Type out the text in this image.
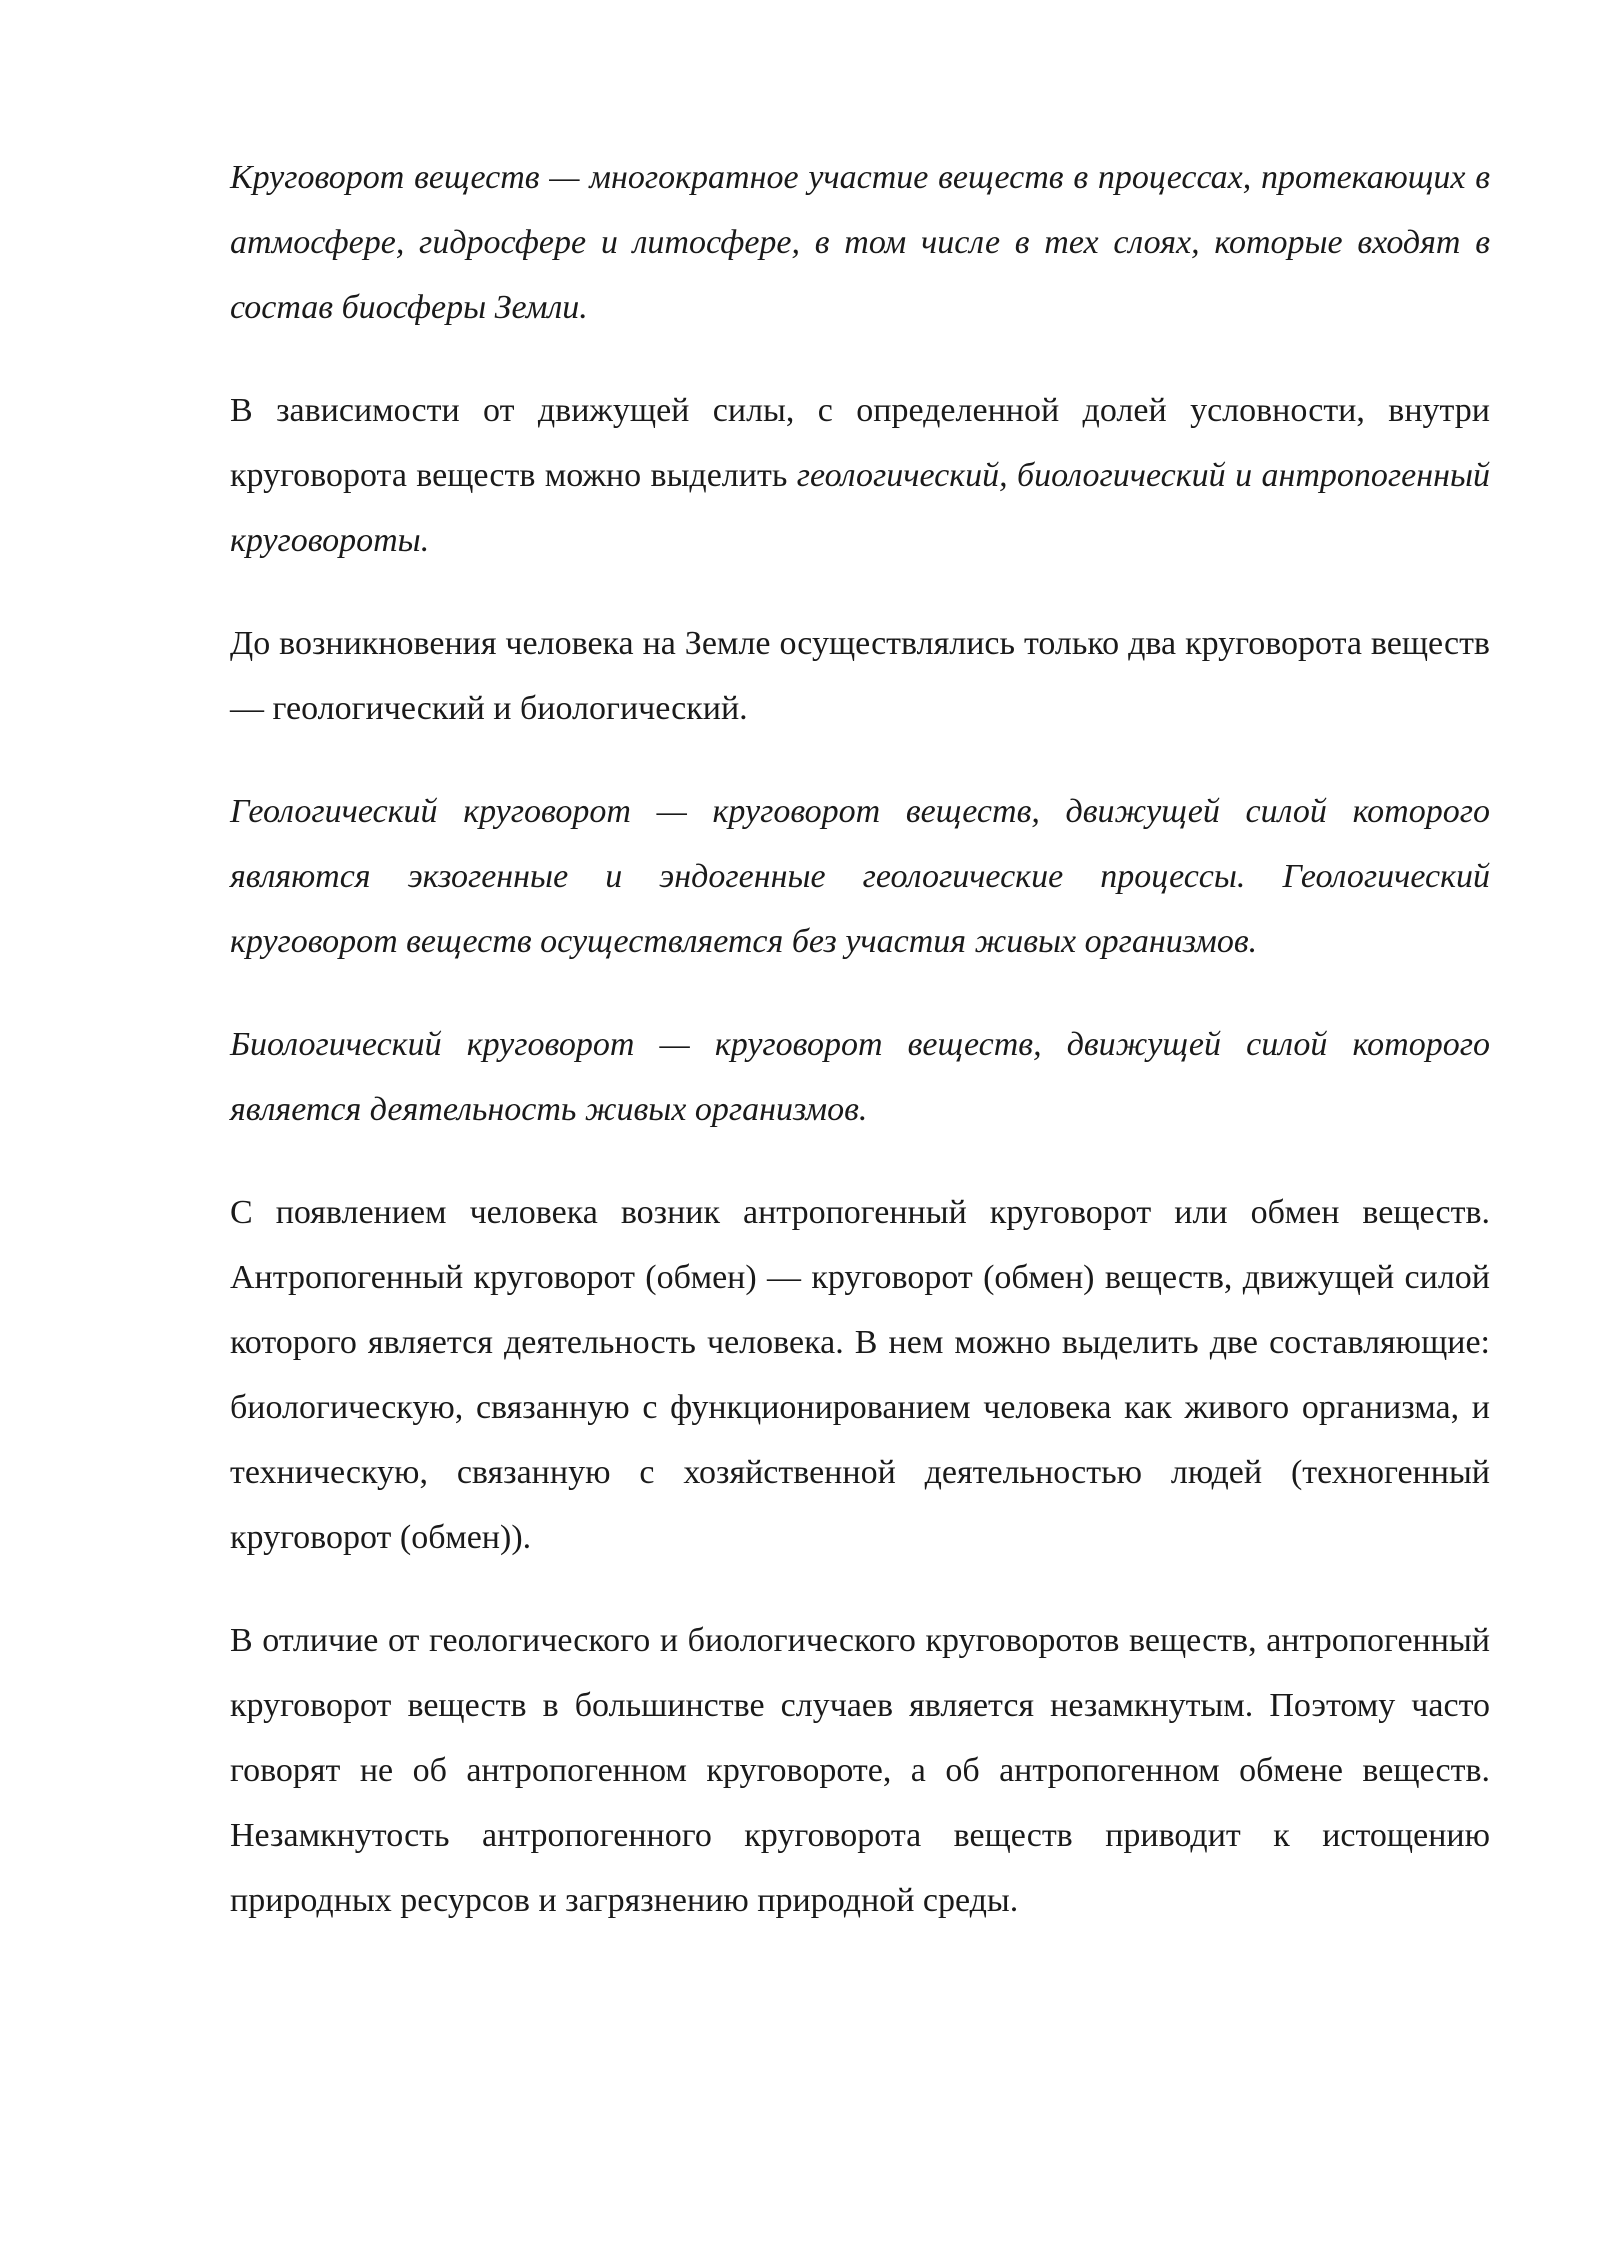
Круговорот веществ — многократное участие веществ в процессах, протекающих в атмосфере, гидросфере и литосфере, в том числе в тех слоях, которые входят в состав биосферы Земли.

В зависимости от движущей силы, с определенной долей условности, внутри круговорота веществ можно выделить геологический, биологический и антропогенный круговороты.

До возникновения человека на Земле осуществлялись только два круговорота веществ — геологический и биологический.

Геологический круговорот — круговорот веществ, движущей силой которого являются экзогенные и эндогенные геологические процессы. Геологический круговорот веществ осуществляется без участия живых организмов.

Биологический круговорот — круговорот веществ, движущей силой которого является деятельность живых организмов.

С появлением человека возник антропогенный круговорот или обмен веществ. Антропогенный круговорот (обмен) — круговорот (обмен) веществ, движущей силой которого является деятельность человека. В нем можно выделить две составляющие: биологическую, связанную с функционированием человека как живого организма, и техническую, связанную с хозяйственной деятельностью людей (техногенный круговорот (обмен)).

В отличие от геологического и биологического круговоротов веществ, антропогенный круговорот веществ в большинстве случаев является незамкнутым. Поэтому часто говорят не об антропогенном круговороте, а об антропогенном обмене веществ. Незамкнутость антропогенного круговорота веществ приводит к истощению природных ресурсов и загрязнению природной среды.
